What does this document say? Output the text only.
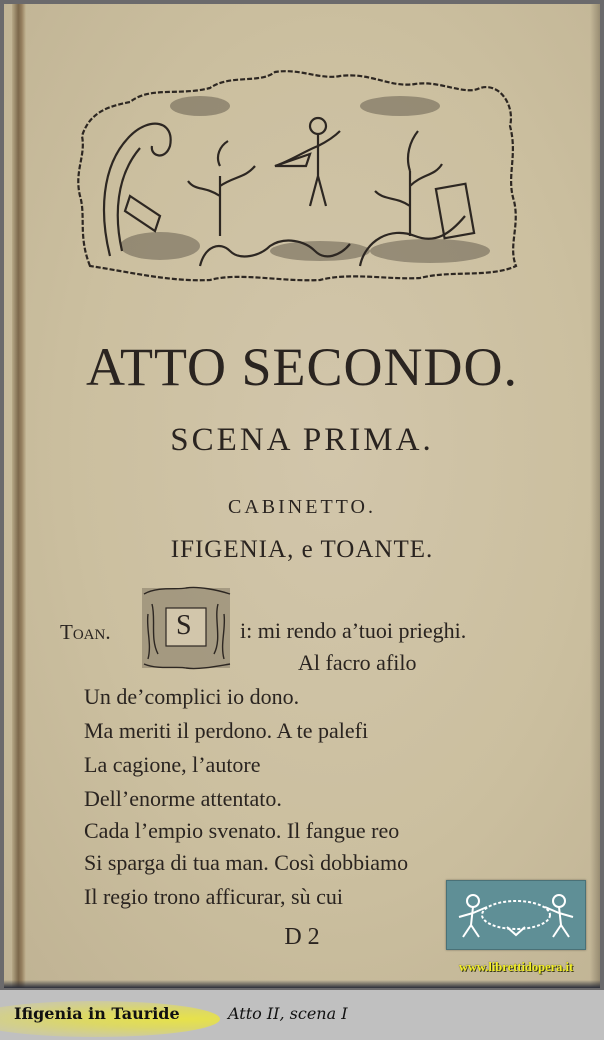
ATTO SECONDO.
SCENA PRIMA.
CABINETTO.
IFIGENIA, e TOANTE.
Toan. S i: mi rendo a’tuoi prieghi.
Al facro afilo
Un de’complici io dono.
Ma meriti il perdono. A te palefi
La cagione, l’autore
Dell’enorme attentato.
Cada l’empio svenato. Il fangue reo
Si sparga di tua man. Così dobbiamo
Il regio trono afficurar, sù cui
D 2
www.librettidopera.it
Ifigenia in Tauride	Atto II, scena I
